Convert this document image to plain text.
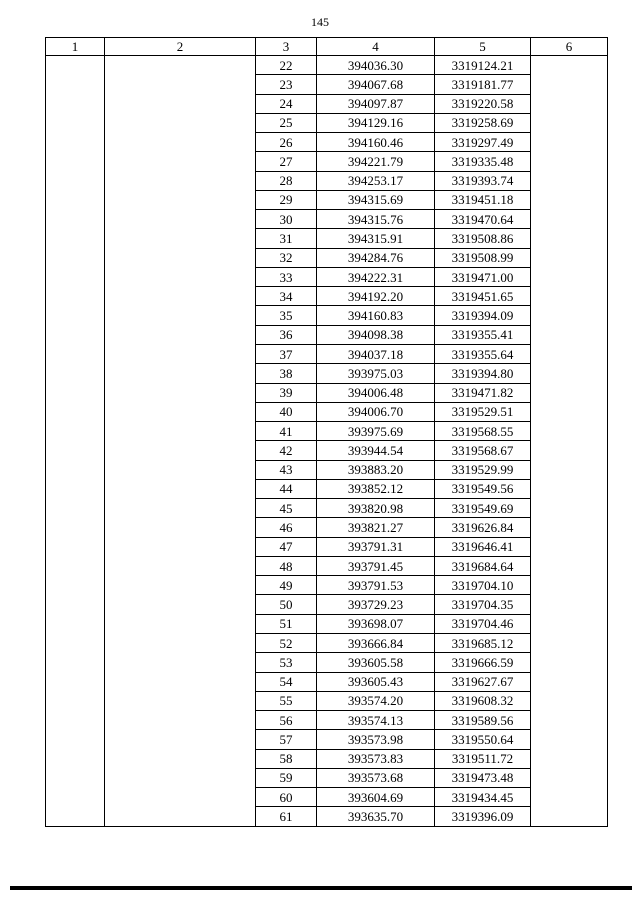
145
1	2	3	4	5	6
		22	394036.30	3319124.21	
		23	394067.68	3319181.77	
		24	394097.87	3319220.58	
		25	394129.16	3319258.69	
		26	394160.46	3319297.49	
		27	394221.79	3319335.48	
		28	394253.17	3319393.74	
		29	394315.69	3319451.18	
		30	394315.76	3319470.64	
		31	394315.91	3319508.86	
		32	394284.76	3319508.99	
		33	394222.31	3319471.00	
		34	394192.20	3319451.65	
		35	394160.83	3319394.09	
		36	394098.38	3319355.41	
		37	394037.18	3319355.64	
		38	393975.03	3319394.80	
		39	394006.48	3319471.82	
		40	394006.70	3319529.51	
		41	393975.69	3319568.55	
		42	393944.54	3319568.67	
		43	393883.20	3319529.99	
		44	393852.12	3319549.56	
		45	393820.98	3319549.69	
		46	393821.27	3319626.84	
		47	393791.31	3319646.41	
		48	393791.45	3319684.64	
		49	393791.53	3319704.10	
		50	393729.23	3319704.35	
		51	393698.07	3319704.46	
		52	393666.84	3319685.12	
		53	393605.58	3319666.59	
		54	393605.43	3319627.67	
		55	393574.20	3319608.32	
		56	393574.13	3319589.56	
		57	393573.98	3319550.64	
		58	393573.83	3319511.72	
		59	393573.68	3319473.48	
		60	393604.69	3319434.45	
		61	393635.70	3319396.09	
